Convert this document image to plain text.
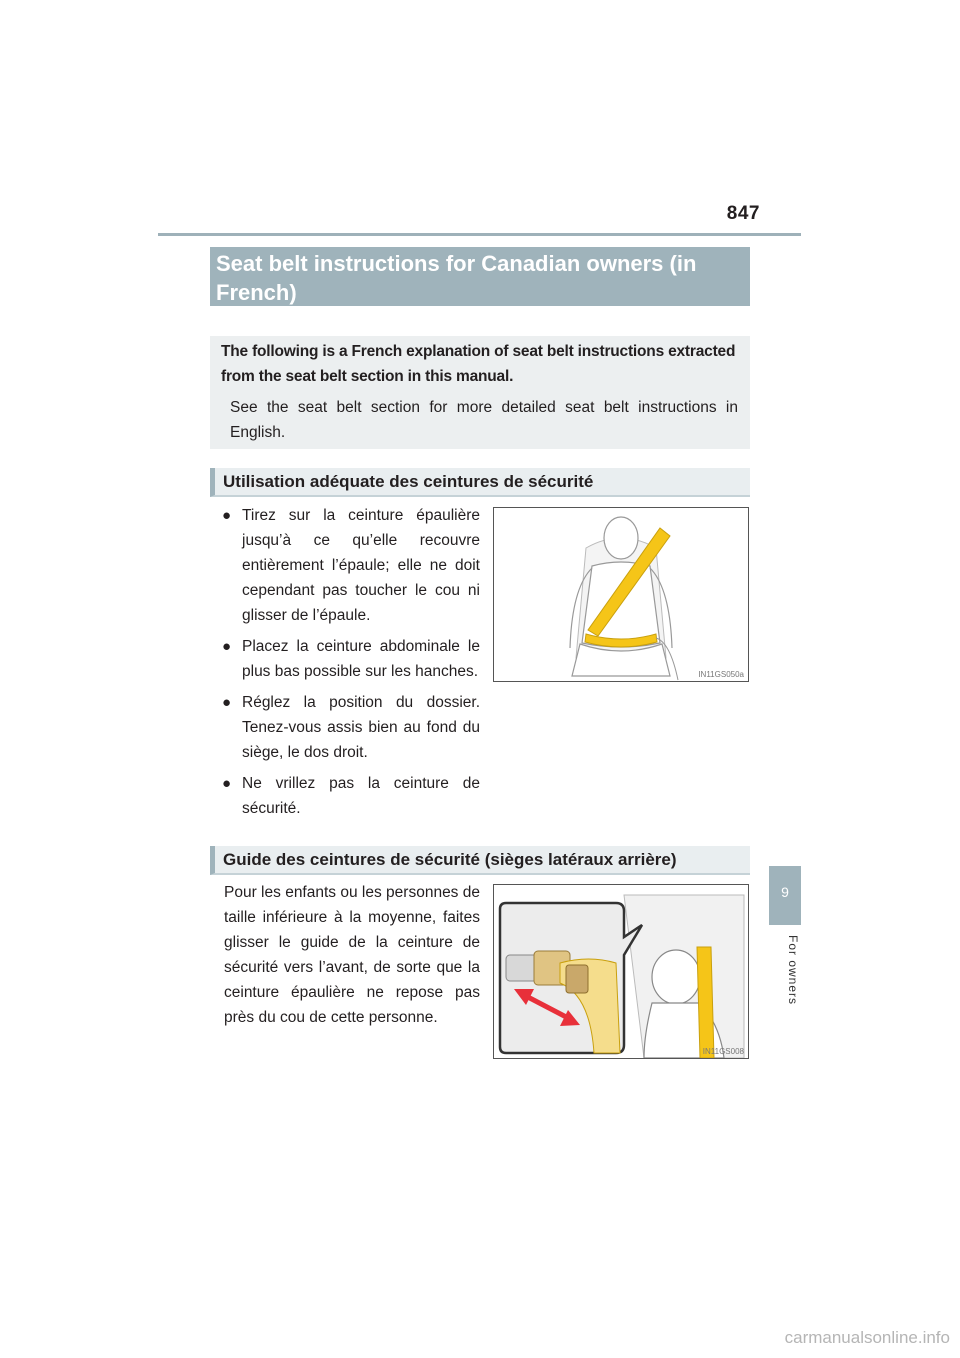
847
Seat belt instructions for Canadian owners (in French)

The following is a French explanation of seat belt instructions extracted from the seat belt section in this manual.

See the seat belt section for more detailed seat belt instructions in English.

Utilisation adéquate des ceintures de sécurité
● Tirez sur la ceinture épaulière jusqu’à ce qu’elle recouvre entièrement l’épaule; elle ne doit cependant pas toucher le cou ni glisser de l’épaule.
● Placez la ceinture abdominale le plus bas possible sur les hanches.
● Réglez la position du dossier. Tenez-vous assis bien au fond du siège, le dos droit.
● Ne vrillez pas la ceinture de sécurité.
IN11GS050a
Guide des ceintures de sécurité (sièges latéraux arrière)

Pour les enfants ou les personnes de taille inférieure à la moyenne, faites glisser le guide de la ceinture de sécurité vers l’avant, de sorte que la ceinture épaulière ne repose pas près du cou de cette personne.

IN11GS008
9
For owners
carmanualsonline.info
